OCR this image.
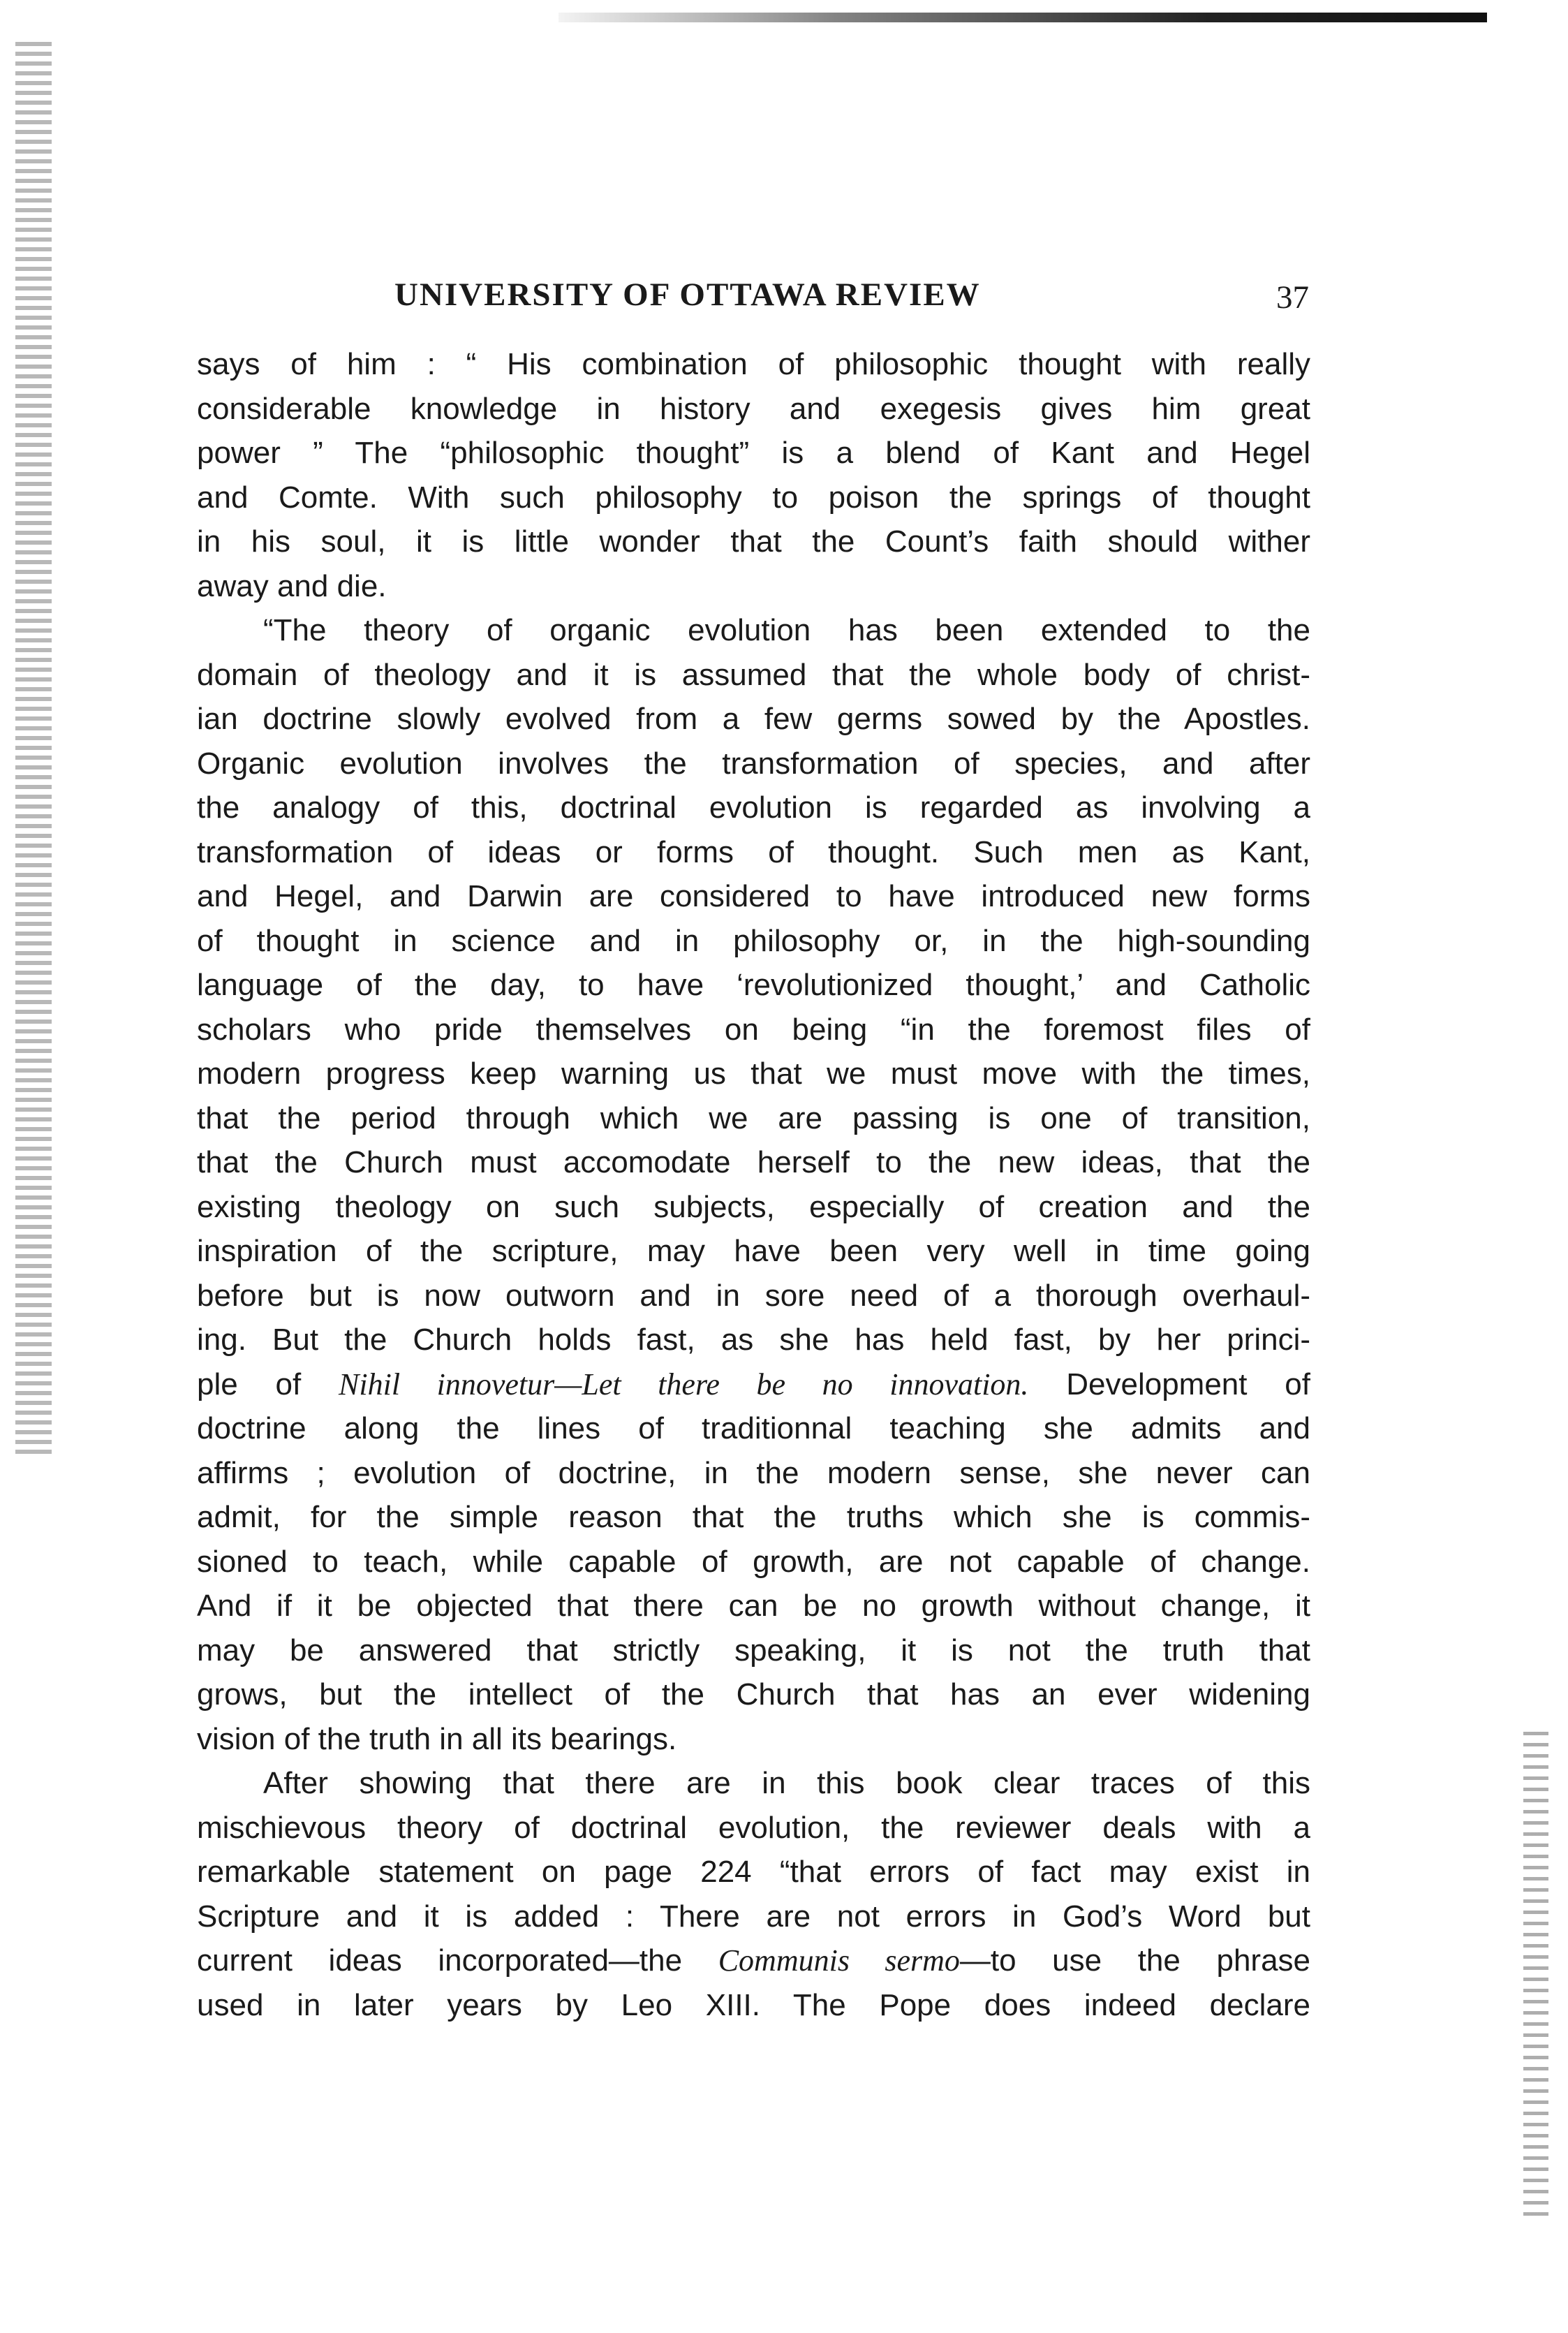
UNIVERSITY OF OTTAWA REVIEW	37
says of him : “ His combination of philosophic thought with really
considerable knowledge in history and exegesis gives him great
power ” The “philosophic thought” is a blend of Kant and Hegel
and Comte. With such philosophy to poison the springs of thought
in his soul, it is little wonder that the Count’s faith should wither
away and die.
“The theory of organic evolution has been extended to the
domain of theology and it is assumed that the whole body of christ-
ian doctrine slowly evolved from a few germs sowed by the Apostles.
Organic evolution involves the transformation of species, and after
the analogy of this, doctrinal evolution is regarded as involving a
transformation of ideas or forms of thought. Such men as Kant,
and Hegel, and Darwin are considered to have introduced new forms
of thought in science and in philosophy or, in the high-sounding
language of the day, to have ‘revolutionized thought,’ and Catholic
scholars who pride themselves on being “in the foremost files of
modern progress keep warning us that we must move with the times,
that the period through which we are passing is one of transition,
that the Church must accomodate herself to the new ideas, that the
existing theology on such subjects, especially of creation and the
inspiration of the scripture, may have been very well in time going
before but is now outworn and in sore need of a thorough overhaul-
ing. But the Church holds fast, as she has held fast, by her princi-
ple of Nihil innovetur—Let there be no innovation. Development of
doctrine along the lines of traditionnal teaching she admits and
affirms ; evolution of doctrine, in the modern sense, she never can
admit, for the simple reason that the truths which she is commis-
sioned to teach, while capable of growth, are not capable of change.
And if it be objected that there can be no growth without change, it
may be answered that strictly speaking, it is not the truth that
grows, but the intellect of the Church that has an ever widening
vision of the truth in all its bearings.
After showing that there are in this book clear traces of this
mischievous theory of doctrinal evolution, the reviewer deals with a
remarkable statement on page 224 “that errors of fact may exist in
Scripture and it is added : There are not errors in God’s Word but
current ideas incorporated—the Communis sermo—to use the phrase
used in later years by Leo XIII. The Pope does indeed declare
